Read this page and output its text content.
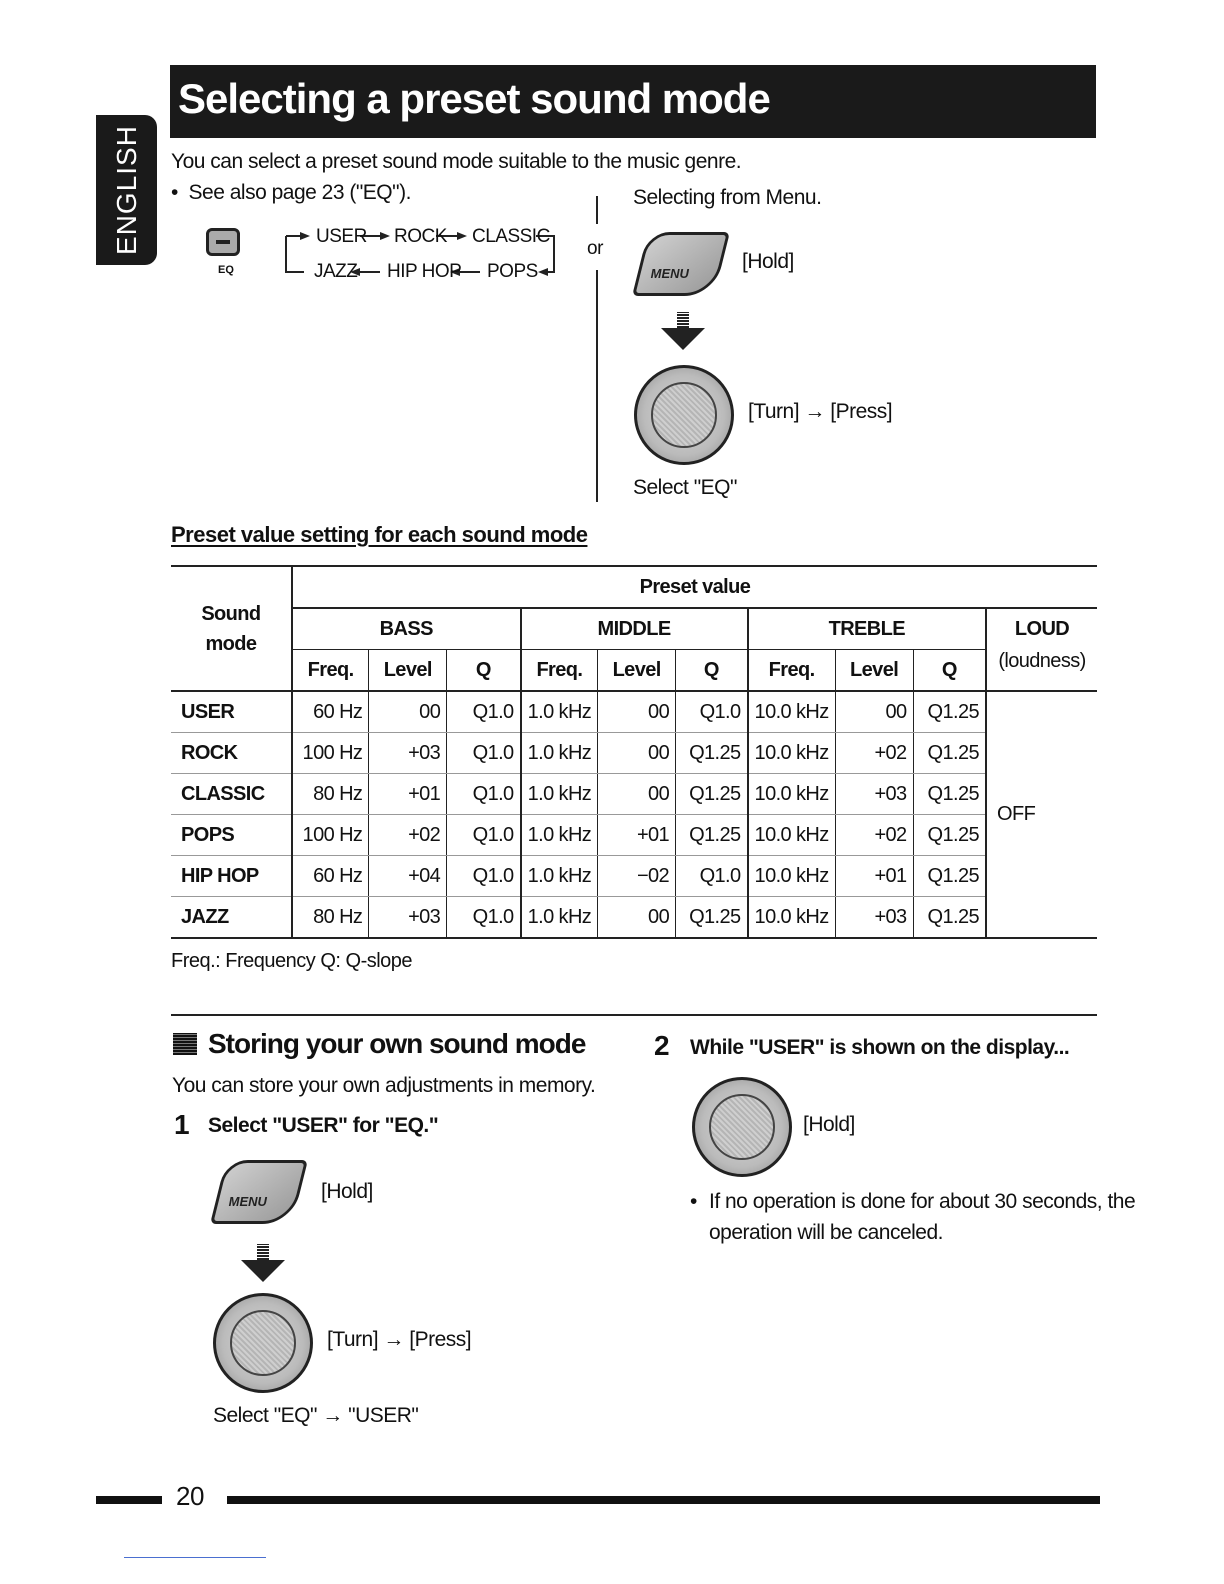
ENGLISH
Selecting a preset sound mode
You can select a preset sound mode suitable to the music genre.
•  See also page 23 ("EQ").
EQ
USER ROCK CLASSIC
JAZZ HIP HOP POPS
or
Selecting from Menu.
MENU
[Hold]
[Turn] → [Press]
Select "EQ"
Preset value setting for each sound mode
Sound mode	Preset value									
	BASS			MIDDLE			TREBLE			LOUD
	Freq.	Level	Q	Freq.	Level	Q	Freq.	Level	Q	(loudness)
USER	60 Hz	00	Q1.0	1.0 kHz	00	Q1.0	10.0 kHz	00	Q1.25	OFF
ROCK	100 Hz	+03	Q1.0	1.0 kHz	00	Q1.25	10.0 kHz	+02	Q1.25	
CLASSIC	80 Hz	+01	Q1.0	1.0 kHz	00	Q1.25	10.0 kHz	+03	Q1.25	
POPS	100 Hz	+02	Q1.0	1.0 kHz	+01	Q1.25	10.0 kHz	+02	Q1.25	
HIP HOP	60 Hz	+04	Q1.0	1.0 kHz	−02	Q1.0	10.0 kHz	+01	Q1.25	
JAZZ	80 Hz	+03	Q1.0	1.0 kHz	00	Q1.25	10.0 kHz	+03	Q1.25	
Freq.: Frequency Q: Q-slope
Storing your own sound mode
You can store your own adjustments in memory.
1 Select "USER" for "EQ."
MENU	[Hold]
[Turn] → [Press]
Select "EQ" → "USER"
2 While "USER" is shown on the display...
[Hold]
• If no operation is done for about 30 seconds, the
operation will be canceled.
20
